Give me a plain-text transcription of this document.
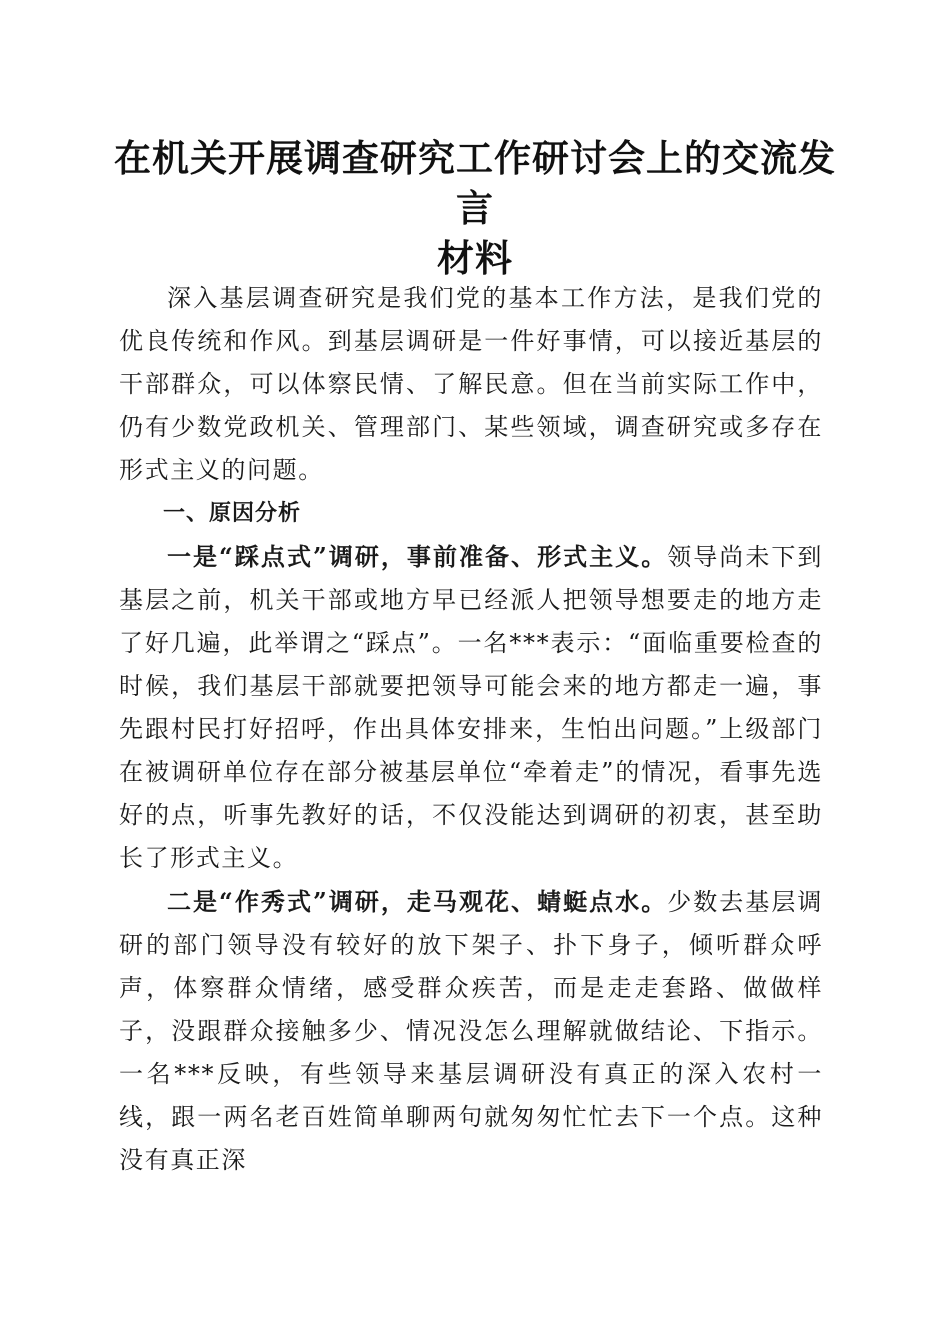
在机关开展调查研究工作研讨会上的交流发言
材料

深入基层调查研究是我们党的基本工作方法，是我们党的优良传统和作风。到基层调研是一件好事情，可以接近基层的干部群众，可以体察民情、了解民意。但在当前实际工作中，仍有少数党政机关、管理部门、某些领域，调查研究或多存在形式主义的问题。

一、原因分析

一是“踩点式”调研，事前准备、形式主义。领导尚未下到基层之前，机关干部或地方早已经派人把领导想要走的地方走了好几遍，此举谓之“踩点”。一名***表示：“面临重要检查的时候，我们基层干部就要把领导可能会来的地方都走一遍，事先跟村民打好招呼，作出具体安排来，生怕出问题。”上级部门在被调研单位存在部分被基层单位“牵着走”的情况，看事先选好的点，听事先教好的话，不仅没能达到调研的初衷，甚至助长了形式主义。

二是“作秀式”调研，走马观花、蜻蜓点水。少数去基层调研的部门领导没有较好的放下架子、扑下身子，倾听群众呼声，体察群众情绪，感受群众疾苦，而是走走套路、做做样子，没跟群众接触多少、情况没怎么理解就做结论、下指示。一名***反映，有些领导来基层调研没有真正的深入农村一线，跟一两名老百姓简单聊两句就匆匆忙忙去下一个点。这种没有真正深
